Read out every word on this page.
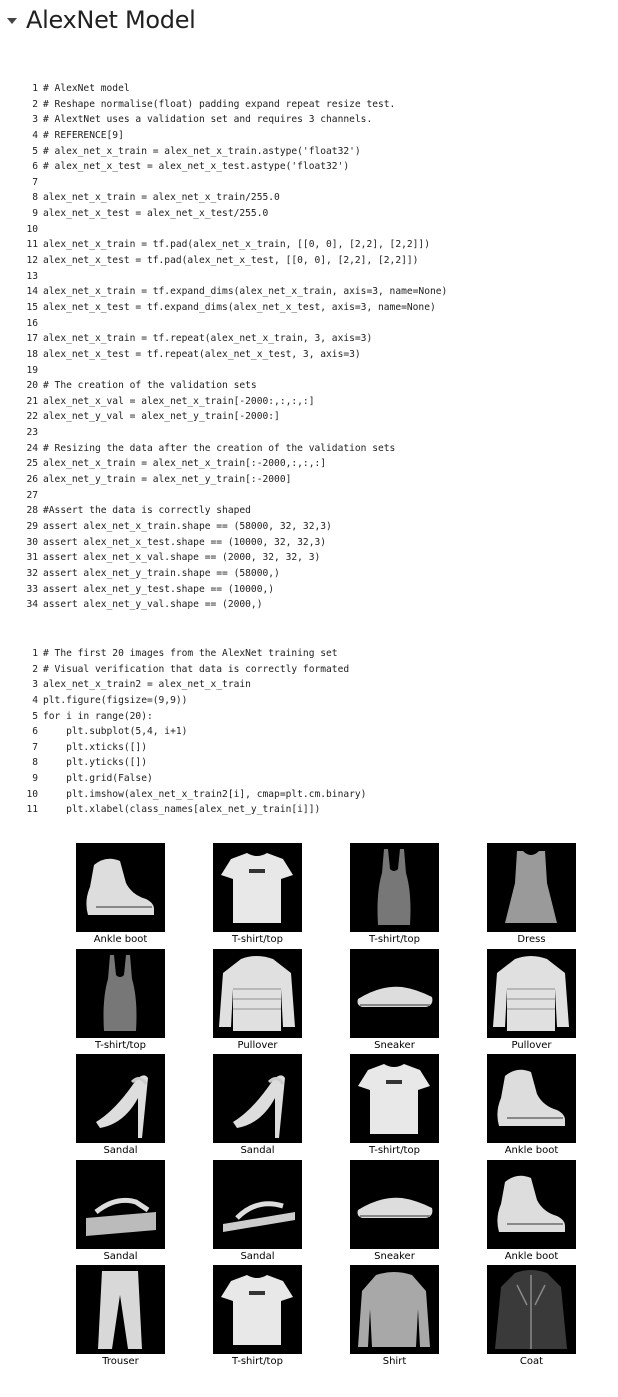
AlexNet Model
1 # AlexNet model
2 # Reshape normalise(float) padding expand repeat resize test.
3 # AlextNet uses a validation set and requires 3 channels.
4 # REFERENCE[9]
5 # alex_net_x_train = alex_net_x_train.astype('float32')
6 # alex_net_x_test = alex_net_x_test.astype('float32')
7
8 alex_net_x_train = alex_net_x_train/255.0
9 alex_net_x_test = alex_net_x_test/255.0
10
11 alex_net_x_train = tf.pad(alex_net_x_train, [[0, 0], [2,2], [2,2]])
12 alex_net_x_test = tf.pad(alex_net_x_test, [[0, 0], [2,2], [2,2]])
13
14 alex_net_x_train = tf.expand_dims(alex_net_x_train, axis=3, name=None)
15 alex_net_x_test = tf.expand_dims(alex_net_x_test, axis=3, name=None)
16
17 alex_net_x_train = tf.repeat(alex_net_x_train, 3, axis=3)
18 alex_net_x_test = tf.repeat(alex_net_x_test, 3, axis=3)
19
20 # The creation of the validation sets
21 alex_net_x_val = alex_net_x_train[-2000:,:,:,:]
22 alex_net_y_val = alex_net_y_train[-2000:]
23
24 # Resizing the data after the creation of the validation sets
25 alex_net_x_train = alex_net_x_train[:-2000,:,:,:]
26 alex_net_y_train = alex_net_y_train[:-2000]
27
28 #Assert the data is correctly shaped
29 assert alex_net_x_train.shape == (58000, 32, 32,3)
30 assert alex_net_x_test.shape == (10000, 32, 32,3)
31 assert alex_net_x_val.shape == (2000, 32, 32, 3)
32 assert alex_net_y_train.shape == (58000,)
33 assert alex_net_y_test.shape == (10000,)
34 assert alex_net_y_val.shape == (2000,)
1 # The first 20 images from the AlexNet training set
2 # Visual verification that data is correctly formated
3 alex_net_x_train2 = alex_net_x_train
4 plt.figure(figsize=(9,9))
5 for i in range(20):
6 plt.subplot(5,4, i+1)
7 plt.xticks([])
8 plt.yticks([])
9 plt.grid(False)
10 plt.imshow(alex_net_x_train2[i], cmap=plt.cm.binary)
11 plt.xlabel(class_names[alex_net_y_train[i]])
Ankle boot	T-shirt/top	T-shirt/top	Dress
T-shirt/top	Pullover	Sneaker	Pullover
Sandal	Sandal	T-shirt/top	Ankle boot
Sandal	Sandal	Sneaker	Ankle boot
Trouser	T-shirt/top	Shirt	Coat
